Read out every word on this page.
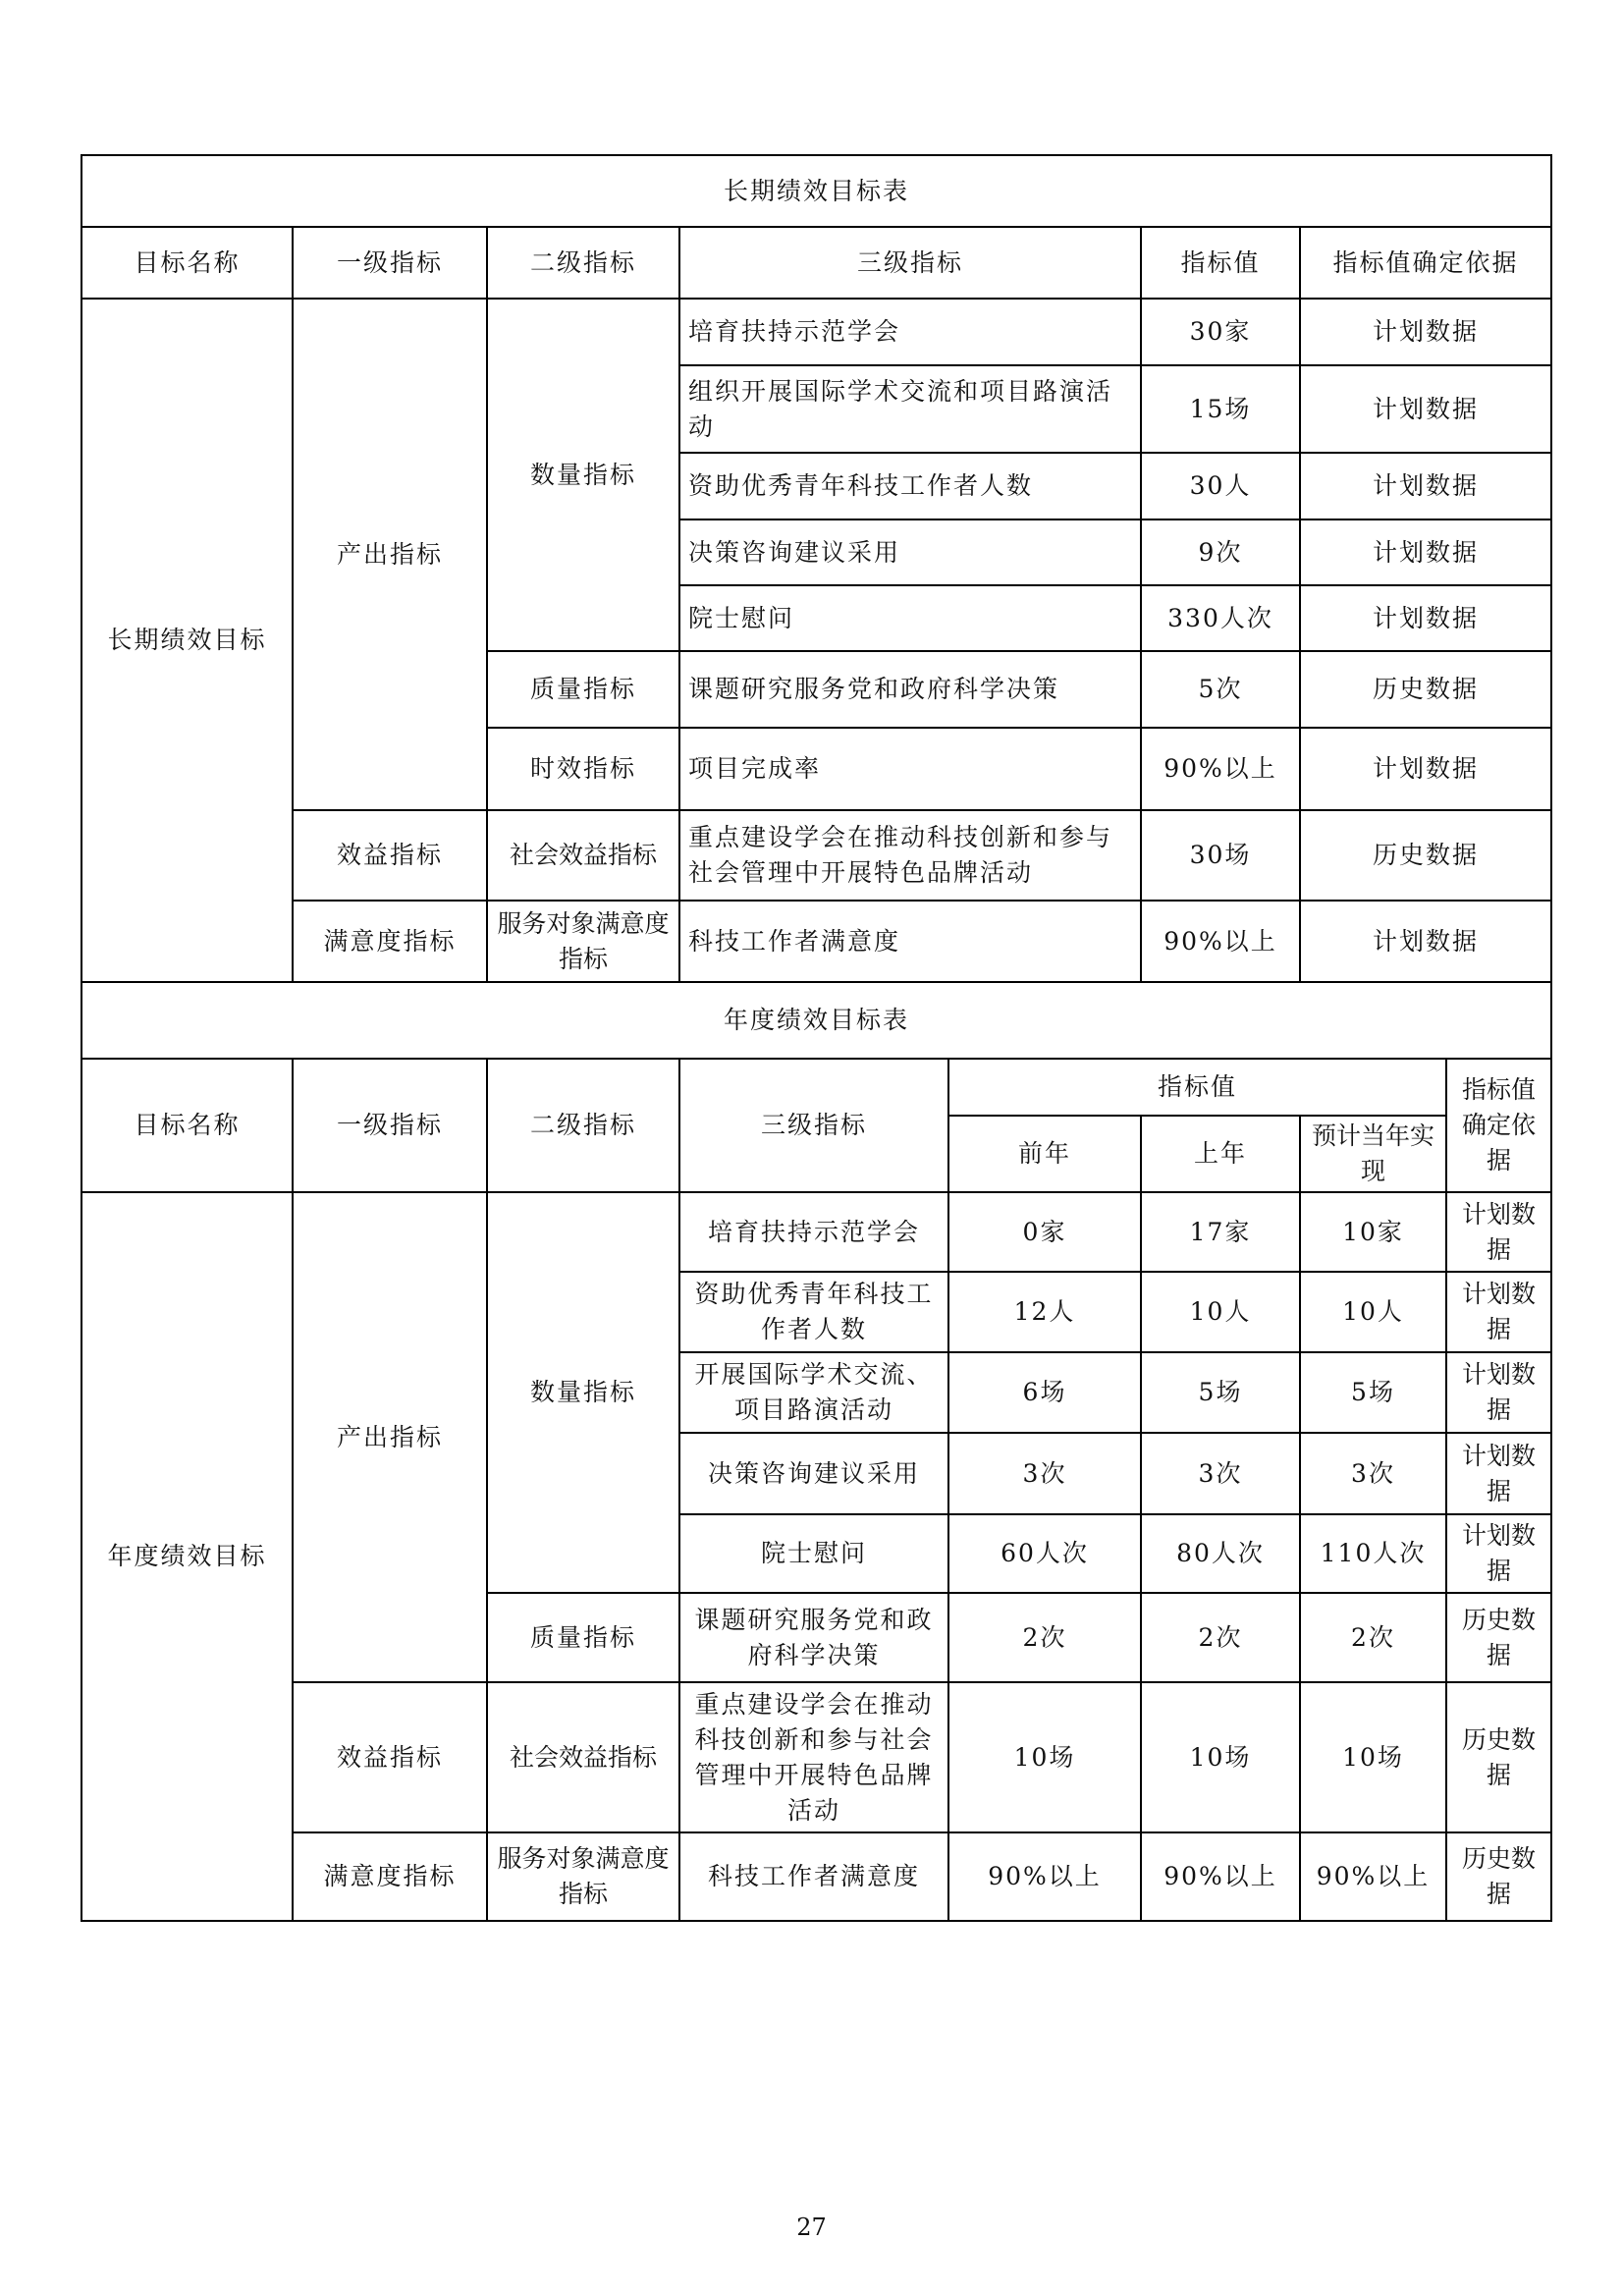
长期绩效目标表							
目标名称	一级指标	二级指标	三级指标		指标值	指标值确定依据	
长期绩效目标	产出指标	数量指标	培育扶持示范学会		30家	计划数据	
			组织开展国际学术交流和项目路演活动		15场	计划数据	
			资助优秀青年科技工作者人数		30人	计划数据	
			决策咨询建议采用		9次	计划数据	
			院士慰问		330人次	计划数据	
		质量指标	课题研究服务党和政府科学决策		5次	历史数据	
		时效指标	项目完成率		90%以上	计划数据	
	效益指标	社会效益指标	重点建设学会在推动科技创新和参与社会管理中开展特色品牌活动		30场	历史数据	
	满意度指标	服务对象满意度指标	科技工作者满意度		90%以上	计划数据	
年度绩效目标表							
目标名称	一级指标	二级指标	三级指标	指标值			指标值确定依据
				前年	上年	预计当年实现	
年度绩效目标	产出指标	数量指标	培育扶持示范学会	0家	17家	10家	计划数据
			资助优秀青年科技工作者人数	12人	10人	10人	计划数据
			开展国际学术交流、项目路演活动	6场	5场	5场	计划数据
			决策咨询建议采用	3次	3次	3次	计划数据
			院士慰问	60人次	80人次	110人次	计划数据
		质量指标	课题研究服务党和政府科学决策	2次	2次	2次	历史数据
	效益指标	社会效益指标	重点建设学会在推动科技创新和参与社会管理中开展特色品牌活动	10场	10场	10场	历史数据
	满意度指标	服务对象满意度指标	科技工作者满意度	90%以上	90%以上	90%以上	历史数据
27
